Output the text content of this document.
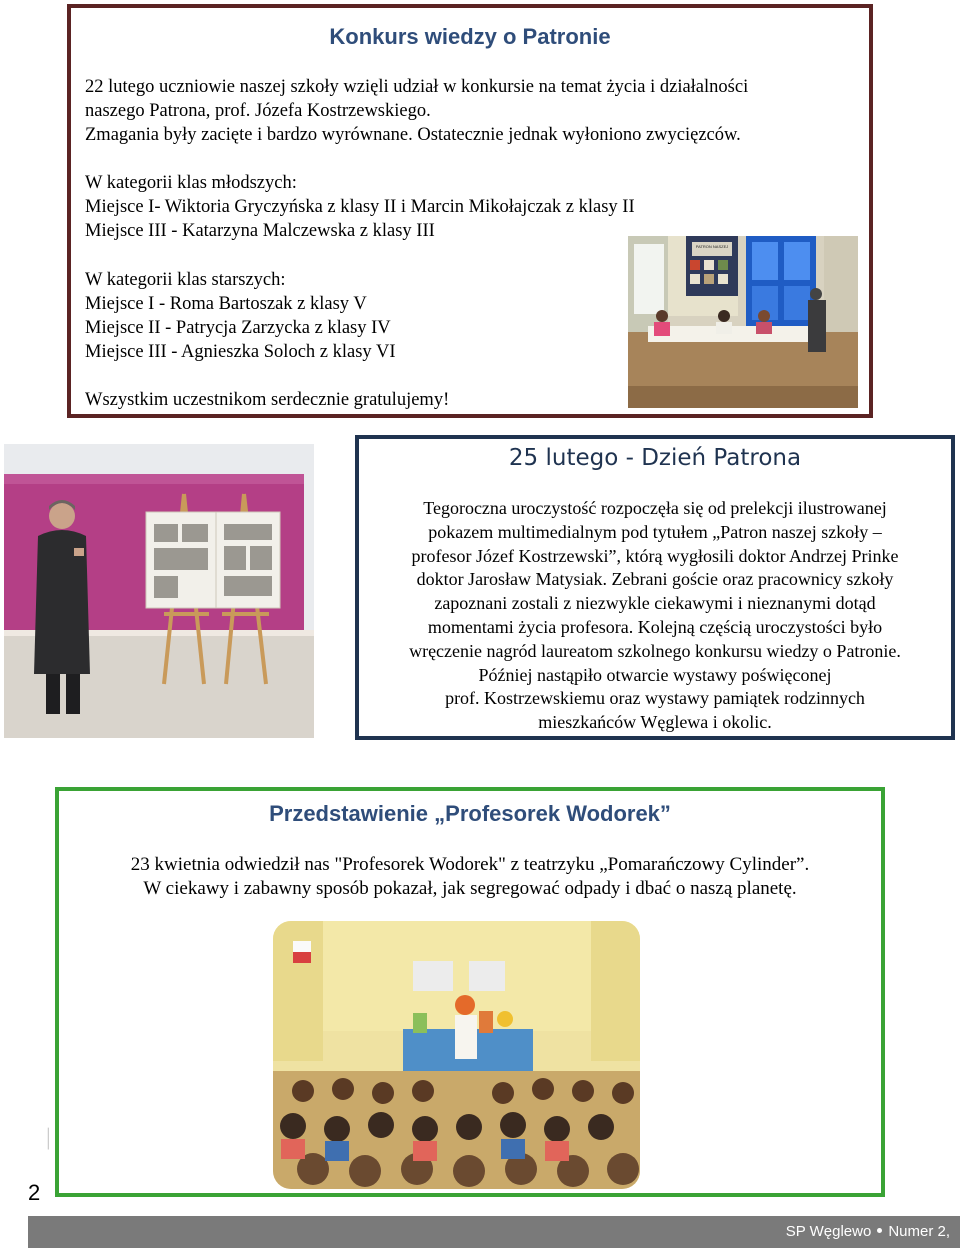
Konkurs wiedzy o Patronie
22 lutego uczniowie naszej szkoły wzięli udział w konkursie na temat życia i działalności
naszego Patrona, prof. Józefa Kostrzewskiego.
Zmagania były zacięte i bardzo wyrównane. Ostatecznie jednak wyłoniono zwycięzców.
W kategorii klas młodszych:
Miejsce I- Wiktoria Gryczyńska z klasy II i Marcin Mikołajczak z klasy II
Miejsce III - Katarzyna Malczewska z klasy III
W kategorii klas starszych:
Miejsce I - Roma Bartoszak z klasy V
Miejsce II - Patrycja Zarzycka z klasy IV
Miejsce III - Agnieszka Soloch z klasy VI
Wszystkim uczestnikom serdecznie gratulujemy!
PATRON NASZEJ
25 lutego - Dzień Patrona
Tegoroczna uroczystość rozpoczęła się od prelekcji ilustrowanej
pokazem multimedialnym pod tytułem „Patron naszej szkoły –
profesor Józef Kostrzewski”, którą wygłosili doktor Andrzej Prinke
doktor Jarosław Matysiak. Zebrani goście oraz pracownicy szkoły
zapoznani zostali z niezwykle ciekawymi i nieznanymi dotąd
momentami życia profesora. Kolejną częścią uroczystości było
wręczenie nagród laureatom szkolnego konkursu wiedzy o Patronie.
Później nastąpiło otwarcie wystawy poświęconej
prof. Kostrzewskiemu oraz wystawy pamiątek rodzinnych
mieszkańców Węglewa i okolic.
Przedstawienie „Profesorek Wodorek”
23 kwietnia odwiedził nas "Profesorek Wodorek" z teatrzyku „Pomarańczowy Cylinder”.
W ciekawy i zabawny sposób pokazał, jak segregować odpady i dbać o naszą planetę.
│
2
SP Węglewo Numer 2,
